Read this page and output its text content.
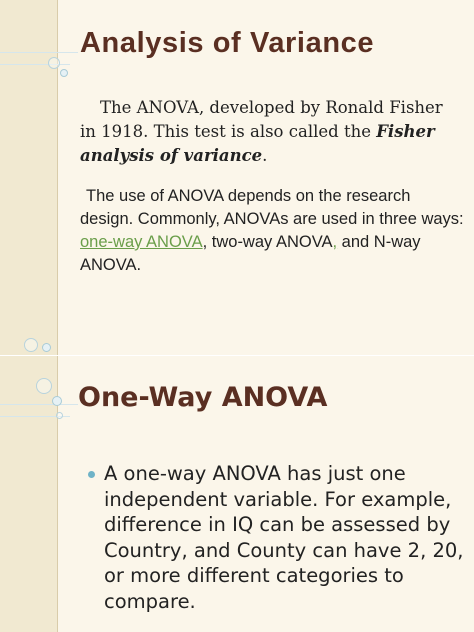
Analysis of Variance
The ANOVA, developed by Ronald Fisher in 1918. This test is also called the Fisher analysis of variance.
The use of ANOVA depends on the research design. Commonly, ANOVAs are used in three ways: one-way ANOVA, two-way ANOVA, and N-way ANOVA.
One-Way ANOVA
A one-way ANOVA has just one independent variable. For example, difference in IQ can be assessed by Country, and County can have 2, 20, or more different categories to compare.
